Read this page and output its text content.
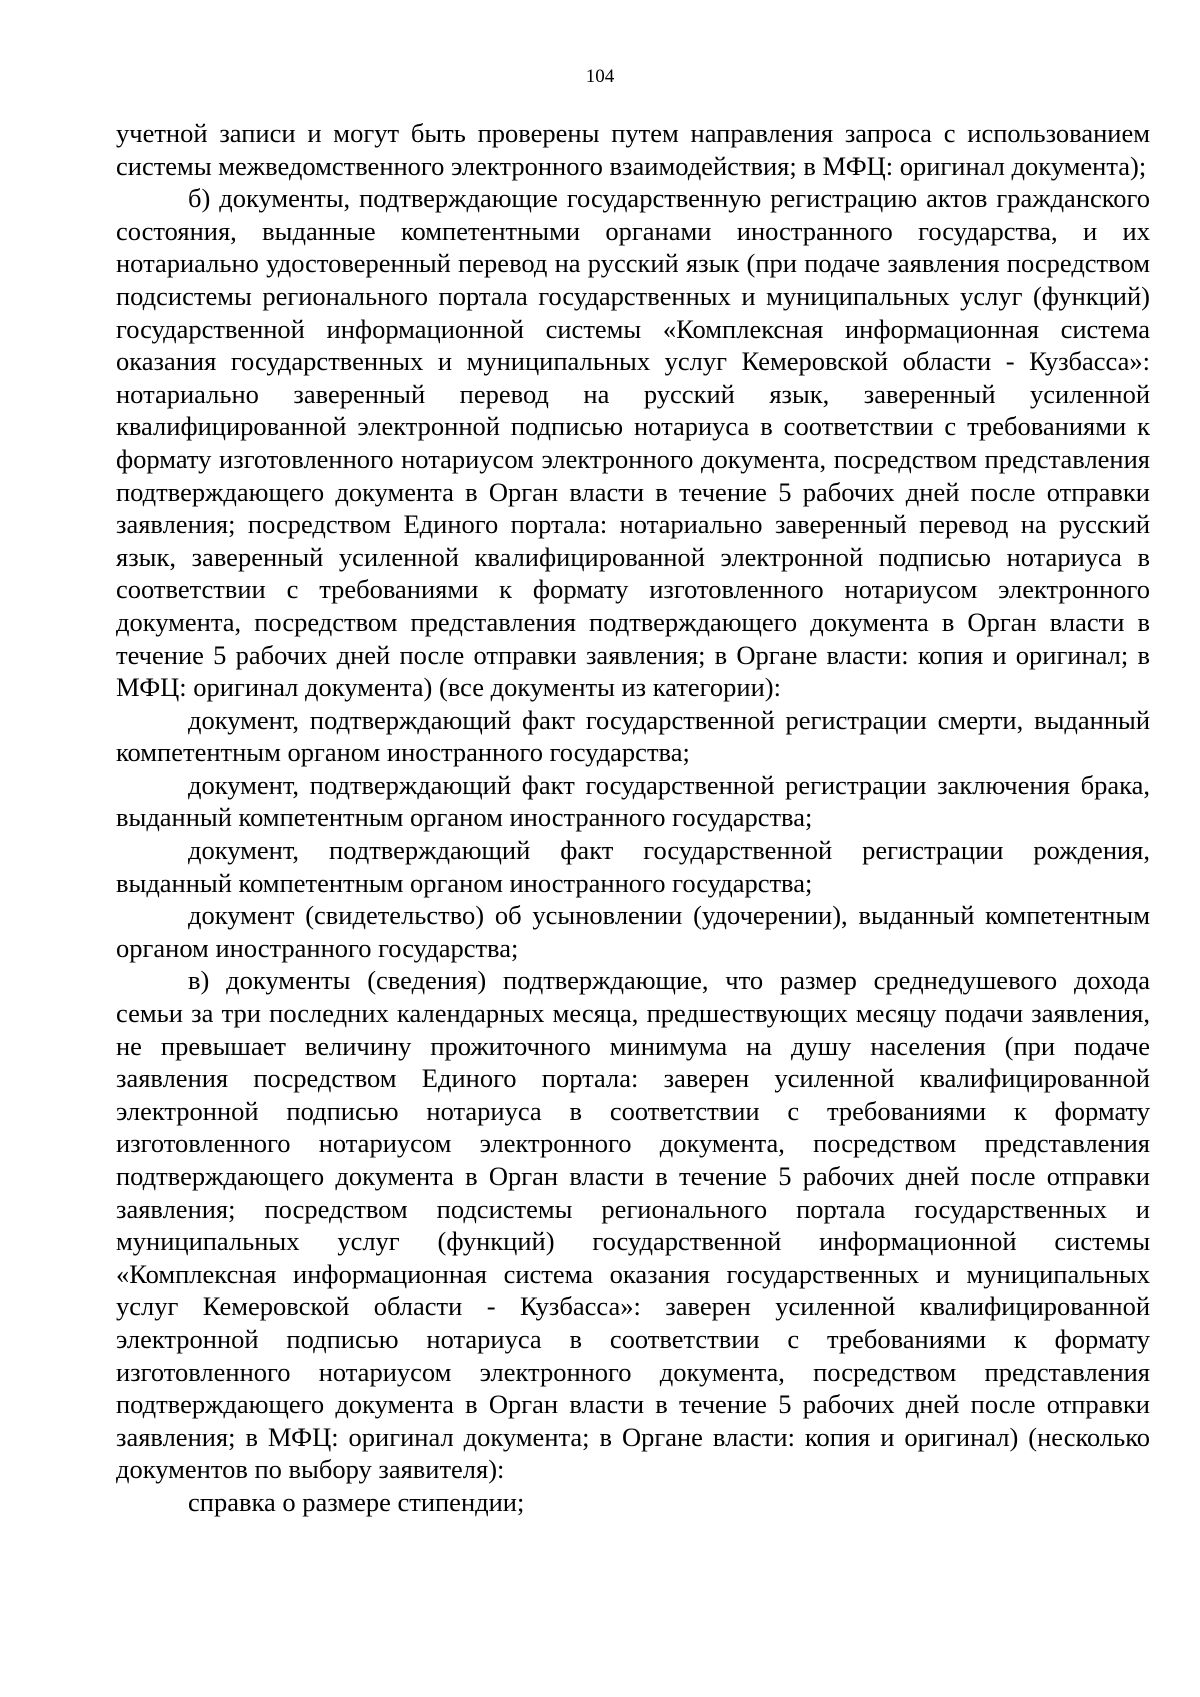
104

учетной записи и могут быть проверены путем направления запроса с использованием системы межведомственного электронного взаимодействия; в МФЦ: оригинал документа);

б) документы, подтверждающие государственную регистрацию актов гражданского состояния, выданные компетентными органами иностранного государства, и их нотариально удостоверенный перевод на русский язык (при подаче заявления посредством подсистемы регионального портала государственных и муниципальных услуг (функций) государственной информационной системы «Комплексная информационная система оказания государственных и муниципальных услуг Кемеровской области - Кузбасса»: нотариально заверенный перевод на русский язык, заверенный усиленной квалифицированной электронной подписью нотариуса в соответствии с требованиями к формату изготовленного нотариусом электронного документа, посредством представления подтверждающего документа в Орган власти в течение 5 рабочих дней после отправки заявления; посредством Единого портала: нотариально заверенный перевод на русский язык, заверенный усиленной квалифицированной электронной подписью нотариуса в соответствии с требованиями к формату изготовленного нотариусом электронного документа, посредством представления подтверждающего документа в Орган власти в течение 5 рабочих дней после отправки заявления; в Органе власти: копия и оригинал; в МФЦ: оригинал документа) (все документы из категории):

документ, подтверждающий факт государственной регистрации смерти, выданный компетентным органом иностранного государства;

документ, подтверждающий факт государственной регистрации заключения брака, выданный компетентным органом иностранного государства;

документ, подтверждающий факт государственной регистрации рождения, выданный компетентным органом иностранного государства;

документ (свидетельство) об усыновлении (удочерении), выданный компетентным органом иностранного государства;

в) документы (сведения) подтверждающие, что размер среднедушевого дохода семьи за три последних календарных месяца, предшествующих месяцу подачи заявления, не превышает величину прожиточного минимума на душу населения (при подаче заявления посредством Единого портала: заверен усиленной квалифицированной электронной подписью нотариуса в соответствии с требованиями к формату изготовленного нотариусом электронного документа, посредством представления подтверждающего документа в Орган власти в течение 5 рабочих дней после отправки заявления; посредством подсистемы регионального портала государственных и муниципальных услуг (функций) государственной информационной системы «Комплексная информационная система оказания государственных и муниципальных услуг Кемеровской области - Кузбасса»: заверен усиленной квалифицированной электронной подписью нотариуса в соответствии с требованиями к формату изготовленного нотариусом электронного документа, посредством представления подтверждающего документа в Орган власти в течение 5 рабочих дней после отправки заявления; в МФЦ: оригинал документа; в Органе власти: копия и оригинал) (несколько документов по выбору заявителя):

справка о размере стипендии;
